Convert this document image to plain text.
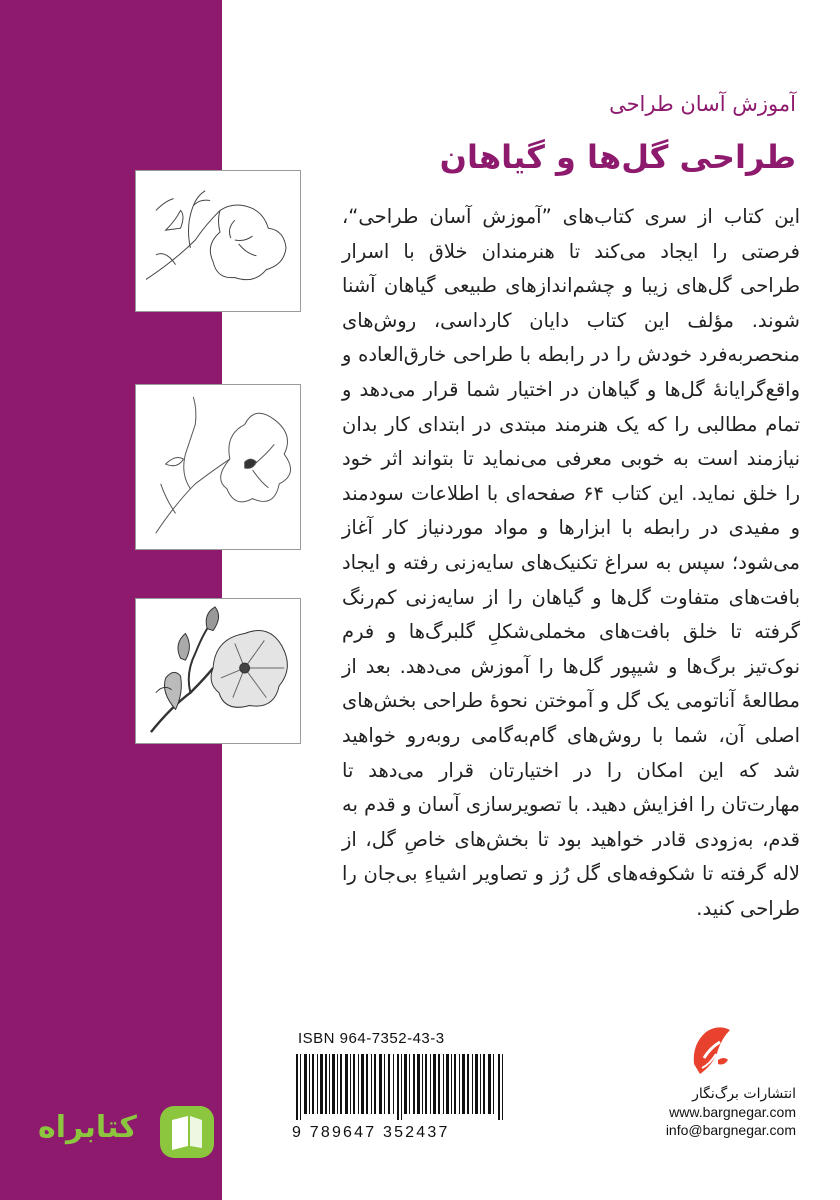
آموزش آسان طراحی
طراحی گل‌ها و گیاهان

این کتاب از سری کتاب‌های ”آموزش آسان طراحی“، فرصتی را ایجاد می‌کند تا هنرمندان خلاق با اسرار طراحی گل‌های زیبا و چشم‌اندازهای طبیعی گیاهان آشنا شوند. مؤلف این کتاب دایان کارداسی، روش‌های منحصربه‌فرد خودش را در رابطه با طراحی خارق‌العاده و واقع‌گرایانهٔ گل‌ها و گیاهان در اختیار شما قرار می‌دهد و تمام مطالبی را که یک هنرمند مبتدی در ابتدای کار بدان نیازمند است به خوبی معرفی می‌نماید تا بتواند اثر خود را خلق نماید. این کتاب ۶۴ صفحه‌ای با اطلاعات سودمند و مفیدی در رابطه با ابزارها و مواد موردنیاز کار آغاز می‌شود؛ سپس به سراغ تکنیک‌های سایه‌زنی رفته و ایجاد بافت‌های متفاوت گل‌ها و گیاهان را از سایه‌زنی کم‌رنگ گرفته تا خلق بافت‌های مخملی‌شکلِ گلبرگ‌ها و فرم نوک‌تیز برگ‌ها و شیپور گل‌ها را آموزش می‌دهد. بعد از مطالعهٔ آناتومی یک گل و آموختن نحوهٔ طراحی بخش‌های اصلی آن، شما با روش‌های گام‌به‌گامی روبه‌رو خواهید شد که این امکان را در اختیارتان قرار می‌دهد تا مهارت‌تان را افزایش دهید. با تصویرسازی آسان و قدم به قدم، به‌زودی قادر خواهید بود تا بخش‌های خاصِ گل، از لاله گرفته تا شکوفه‌های گل رُز و تصاویر اشیاءِ بی‌جان را طراحی کنید.

ISBN 964-7352-43-3
9 789647 352437
انتشارات برگ‌نگار
www.bargnegar.com
info@bargnegar.com
کتابراه
